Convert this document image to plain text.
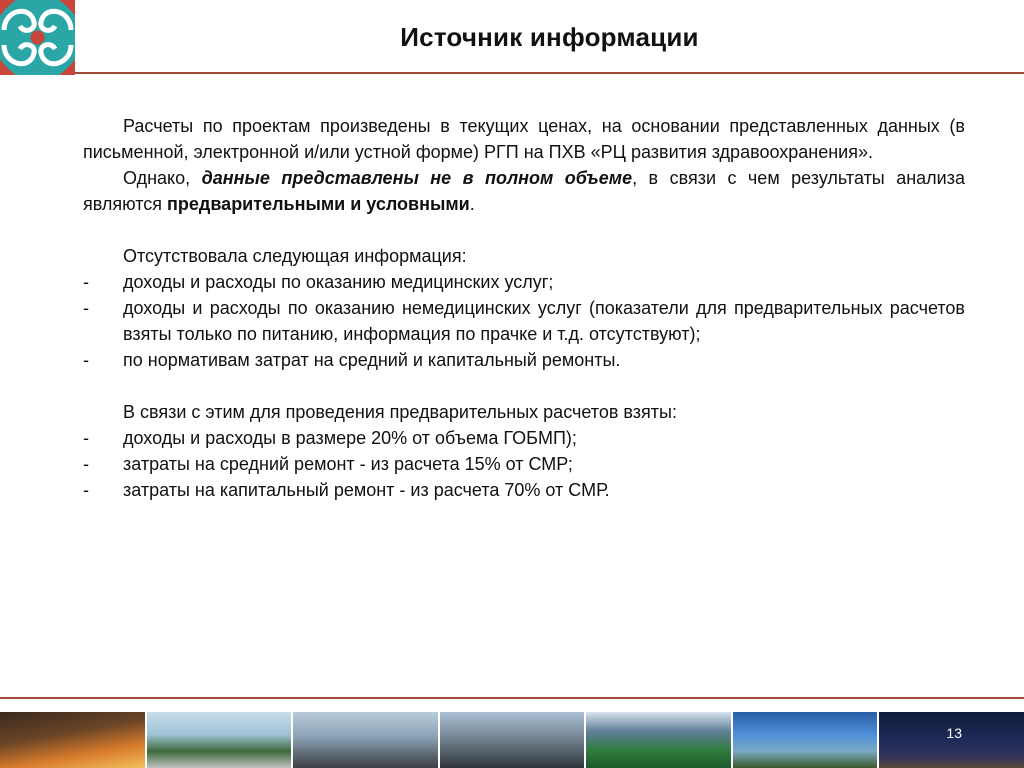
Источник информации

Расчеты по проектам произведены в текущих ценах, на основании представленных данных (в письменной, электронной и/или устной форме) РГП на ПХВ «РЦ развития здравоохранения».

Однако, данные представлены не в полном объеме, в связи с чем результаты анализа являются предварительными и условными.

Отсутствовала следующая информация:

-	доходы и расходы по оказанию медицинских услуг;
-	доходы и расходы по оказанию немедицинских услуг (показатели для предварительных расчетов взяты только по питанию, информация по прачке и т.д. отсутствуют);
-	по нормативам затрат на средний и капитальный ремонты.

В связи с этим для проведения предварительных расчетов взяты:

-	доходы и расходы в размере 20% от объема ГОБМП);
-	затраты на средний ремонт - из расчета 15% от СМР;
-	затраты на капитальный ремонт - из расчета 70% от СМР.
13
